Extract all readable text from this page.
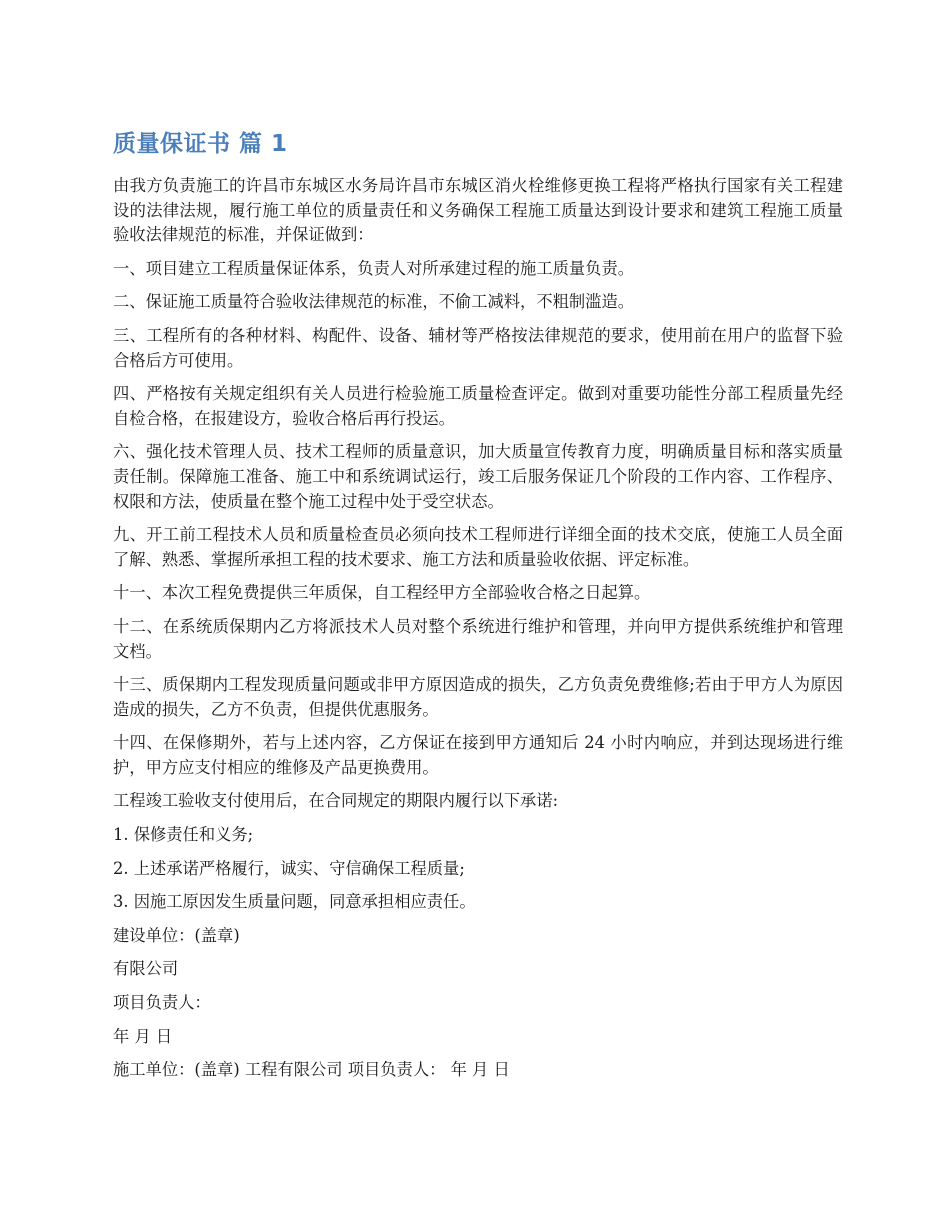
质量保证书 篇 1

由我方负责施工的许昌市东城区水务局许昌市东城区消火栓维修更换工程将严格执行国家有关工程建设的法律法规，履行施工单位的质量责任和义务确保工程施工质量达到设计要求和建筑工程施工质量验收法律规范的标准，并保证做到：

一、项目建立工程质量保证体系，负责人对所承建过程的施工质量负责。

二、保证施工质量符合验收法律规范的标准，不偷工减料，不粗制滥造。

三、工程所有的各种材料、构配件、设备、辅材等严格按法律规范的要求，使用前在用户的监督下验合格后方可使用。

四、严格按有关规定组织有关人员进行检验施工质量检查评定。做到对重要功能性分部工程质量先经自检合格，在报建设方，验收合格后再行投运。

六、强化技术管理人员、技术工程师的质量意识，加大质量宣传教育力度，明确质量目标和落实质量责任制。保障施工准备、施工中和系统调试运行，竣工后服务保证几个阶段的工作内容、工作程序、权限和方法，使质量在整个施工过程中处于受空状态。

九、开工前工程技术人员和质量检查员必须向技术工程师进行详细全面的技术交底，使施工人员全面了解、熟悉、掌握所承担工程的技术要求、施工方法和质量验收依据、评定标准。

十一、本次工程免费提供三年质保，自工程经甲方全部验收合格之日起算。

十二、在系统质保期内乙方将派技术人员对整个系统进行维护和管理，并向甲方提供系统维护和管理文档。

十三、质保期内工程发现质量问题或非甲方原因造成的损失，乙方负责免费维修;若由于甲方人为原因造成的损失，乙方不负责，但提供优惠服务。

十四、在保修期外，若与上述内容，乙方保证在接到甲方通知后 24 小时内响应，并到达现场进行维护，甲方应支付相应的维修及产品更换费用。

工程竣工验收支付使用后，在合同规定的期限内履行以下承诺:

1. 保修责任和义务;

2. 上述承诺严格履行，诚实、守信确保工程质量;

3. 因施工原因发生质量问题，同意承担相应责任。

建设单位：(盖章)

有限公司

项目负责人：

年 月 日

施工单位：(盖章) 工程有限公司 项目负责人： 年 月 日
